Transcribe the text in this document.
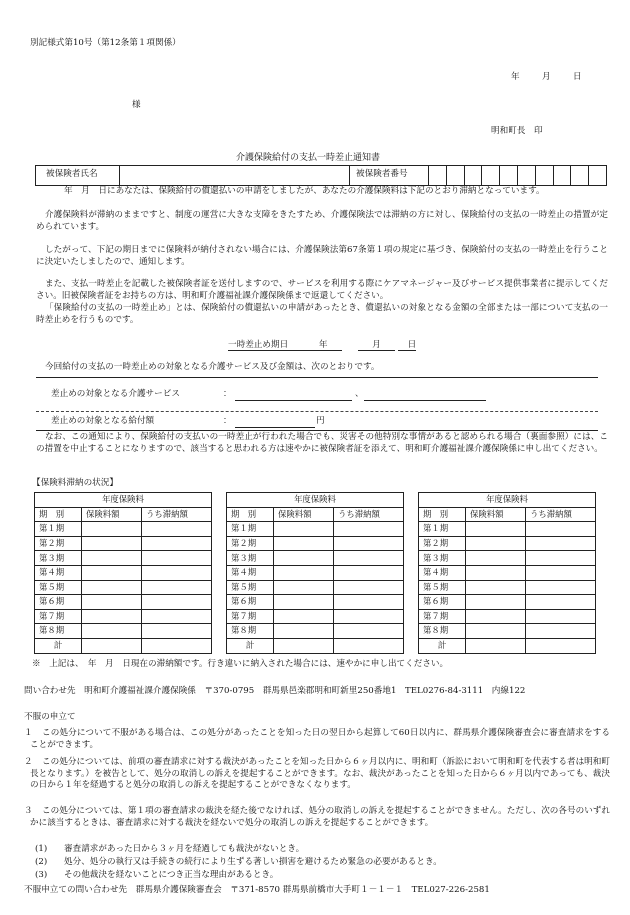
別記様式第10号（第12条第１項関係）
年	月	日
様
明和町長　印
介護保険給付の支払一時差止通知書
被保険者氏名	被保険者番号
年　月　日にあなたは、保険給付の償還払いの申請をしましたが、あなたの介護保険料は下記のとおり滞納となっています。
介護保険料が滞納のままですと、制度の運営に大きな支障をきたすため、介護保険法では滞納の方に対し、保険給付の支払の一時差止の措置が定められています。
したがって、下記の期日までに保険料が納付されない場合には、介護保険法第67条第１項の規定に基づき、保険給付の支払の一時差止を行うことに決定いたしましたので、通知します。
また、支払一時差止を記載した被保険者証を送付しますので、サービスを利用する際にケアマネージャー及びサービス提供事業者に提示してください。旧被保険者証をお持ちの方は、明和町介護福祉課介護保険係まで返還してください。
「保険給付の支払の一時差止め」とは、保険給付の償還払いの申請があったとき、償還払いの対象となる金額の全部または一部について支払の一時差止めを行うものです。
一時差止め期日	年	月	日
今回給付の支払の一時差止めの対象となる介護サービス及び金額は、次のとおりです。
差止めの対象となる介護サービス	：	、
差止めの対象となる給付額	：	円
なお、この通知により、保険給付の支払いの一時差止が行われた場合でも、災害その他特別な事情があると認められる場合（裏面参照）には、この措置を中止することになりますので、該当すると思われる方は速やかに被保険者証を添えて、明和町介護福祉課介護保険係に申し出てください。
【保険料滞納の状況】
年度保険料		
期　別	保険料額	うち滞納額
第１期		
第２期		
第３期		
第４期		
第５期		
第６期		
第７期		
第８期		
計		
年度保険料		
期　別	保険料額	うち滞納額
第１期		
第２期		
第３期		
第４期		
第５期		
第６期		
第７期		
第８期		
計		
年度保険料		
期　別	保険料額	うち滞納額
第１期		
第２期		
第３期		
第４期		
第５期		
第６期		
第７期		
第８期		
計		
※　上記は、　年　月　日現在の滞納額です。行き違いに納入された場合には、速やかに申し出てください。
問い合わせ先　明和町介護福祉課介護保険係　〒370-0795　群馬県邑楽郡明和町新里250番地1　TEL0276-84-3111　内線122
不服の申立て
１	この処分について不服がある場合は、この処分があったことを知った日の翌日から起算して60日以内に、群馬県介護保険審査会に審査請求をすることができます。
２	この処分については、前項の審査請求に対する裁決があったことを知った日から６ヶ月以内に、明和町（訴訟において明和町を代表する者は明和町長となります。）を被告として、処分の取消しの訴えを提起することができます。なお、裁決があったことを知った日から６ヶ月以内であっても、裁決の日から１年を経過すると処分の取消しの訴えを提起することができなくなります。
３	この処分については、第１項の審査請求の裁決を経た後でなければ、処分の取消しの訴えを提起することができません。ただし、次の各号のいずれかに該当するときは、審査請求に対する裁決を経ないで処分の取消しの訴えを提起することができます。
(1) 審査請求があった日から３ヶ月を経過しても裁決がないとき。
(2) 処分、処分の執行又は手続きの続行により生ずる著しい損害を避けるため緊急の必要があるとき。
(3) その他裁決を経ないことにつき正当な理由があるとき。
不服申立ての問い合わせ先　群馬県介護保険審査会　〒371-8570 群馬県前橋市大手町１－１－１　TEL027-226-2581
